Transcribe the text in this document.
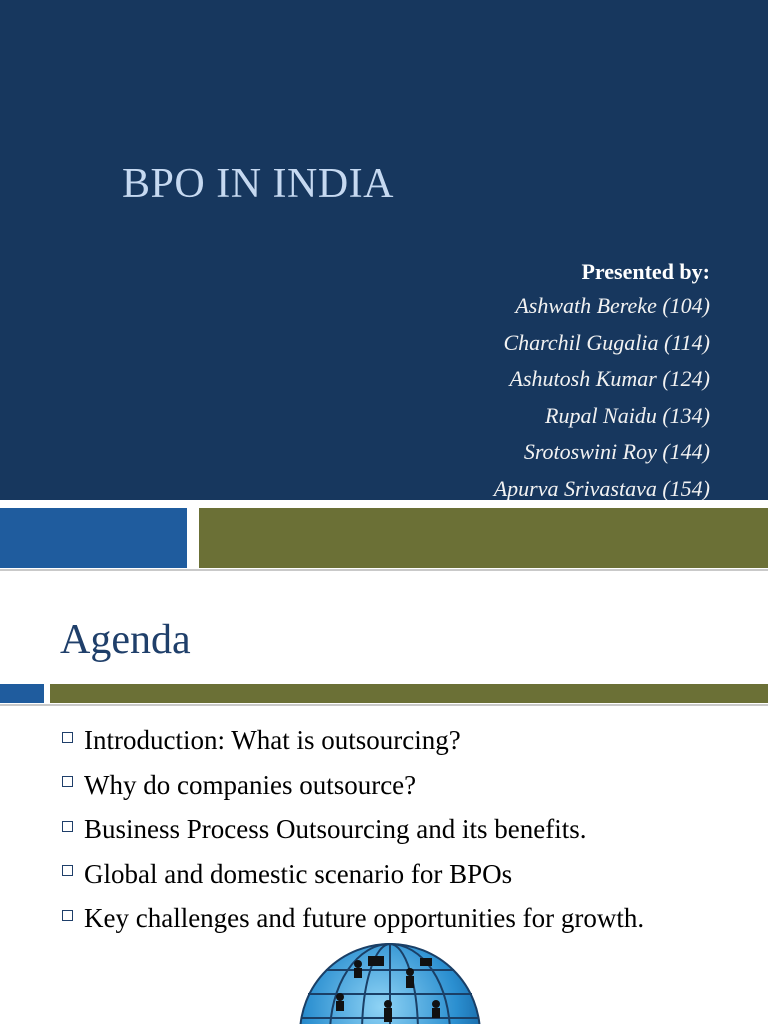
BPO IN INDIA
Presented by:
Ashwath Bereke (104)
Charchil Gugalia (114)
Ashutosh Kumar (124)
Rupal Naidu (134)
Srotoswini Roy (144)
Apurva Srivastava (154)
Agenda
Introduction: What is outsourcing?
Why do companies outsource?
Business Process Outsourcing and its benefits.
Global and domestic scenario for BPOs
Key challenges and future opportunities for growth.
